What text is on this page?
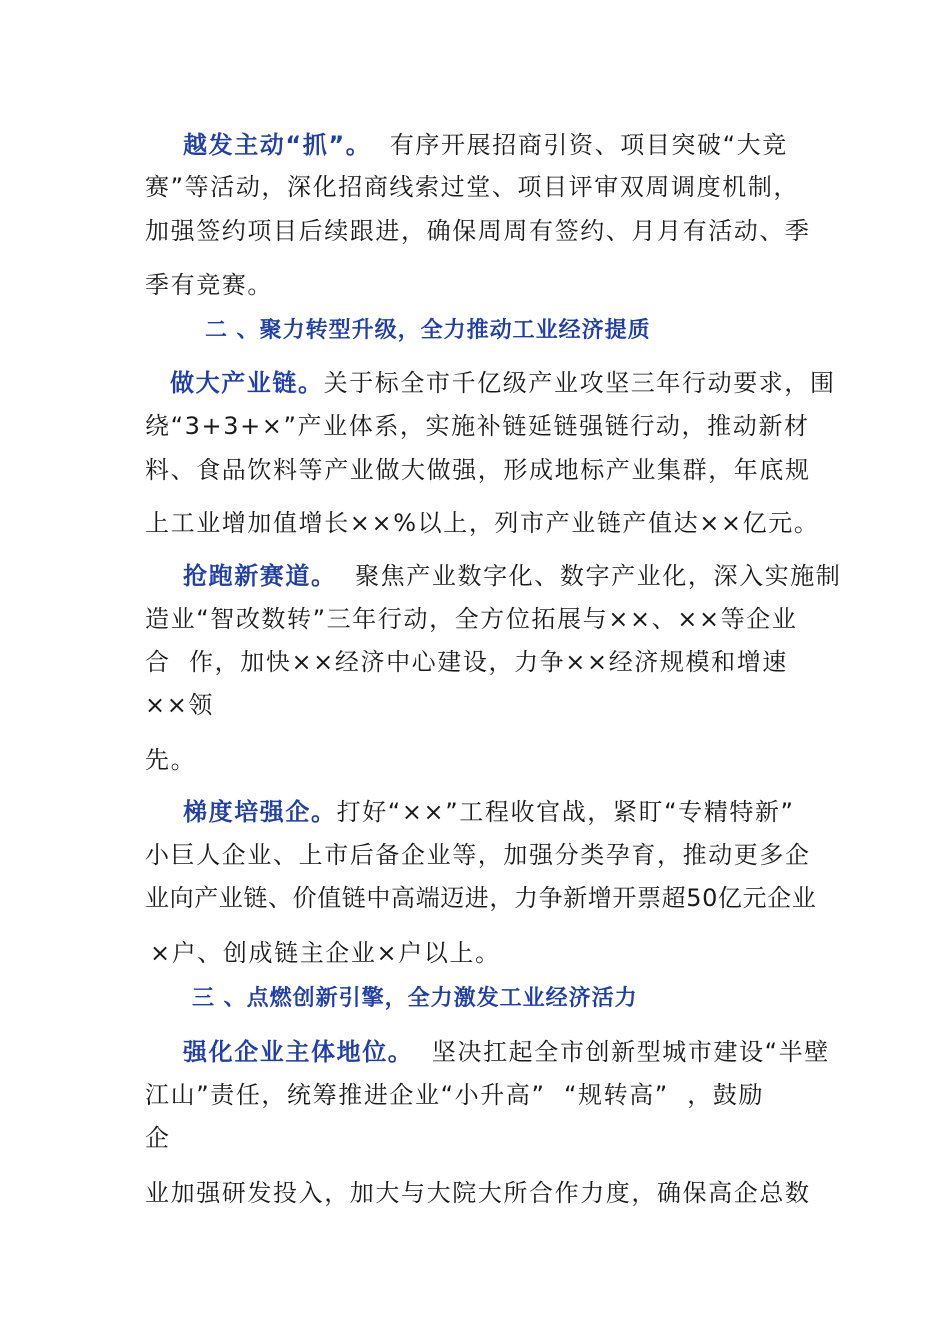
越发主动“抓”。  有序开展招商引资、项目突破“大竞
赛”等活动，深化招商线索过堂、项目评审双周调度机制，
加强签约项目后续跟进，确保周周有签约、月月有活动、季
季有竞赛。
二 、聚力转型升级，全力推动工业经济提质
做大产业链。关于标全市千亿级产业攻坚三年行动要求，围
绕“3+3+×”产业体系，实施补链延链强链行动，推动新材
料、食品饮料等产业做大做强，形成地标产业集群，年底规
上工业增加值增长××%以上，列市产业链产值达××亿元。
抢跑新赛道。  聚焦产业数字化、数字产业化，深入实施制
造业“智改数转”三年行动，全方位拓展与××、××等企业
合  作，加快××经济中心建设，力争××经济规模和增速
××领
先。
梯度培强企。打好“××”工程收官战，紧盯“专精特新”
小巨人企业、上市后备企业等，加强分类孕育，推动更多企
业向产业链、价值链中高端迈进，力争新增开票超50亿元企业
×户、创成链主企业×户以上。
三 、点燃创新引擎，全力激发工业经济活力
强化企业主体地位。  坚决扛起全市创新型城市建设“半壁
江山”责任，统筹推进企业“小升高”  “规转高”  ，鼓励
企
业加强研发投入，加大与大院大所合作力度，确保高企总数
